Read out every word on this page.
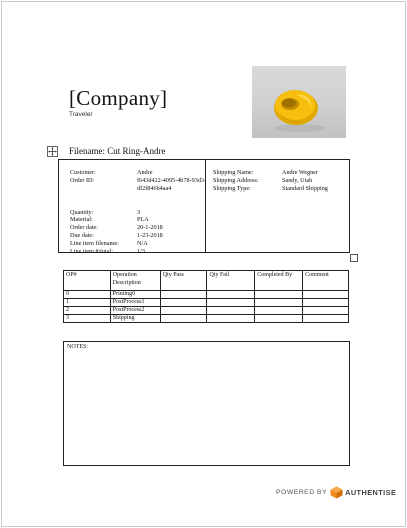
[Company]
Traveler
Filename: Cut Ring-Andre
Customer:	Andre
Order ID:	f643d422-4095-4b78-93d3-df2f846b4aa4
Quantity:	3
Material:	PLA
Order date:	20-1-2018
Due date:	1-23-2018
Line item filename:	N/A
Line item #/total:	1/3
Shipping Name:	Andre Wegner
Shipping Address:	Sandy, Utah
Shipping Type:	Standard Shipping
OP#	Operation Description	Qty Pass	Qty Fail	Completed By	Comment
0	Printing0				
1	PostProcess1				
2	PostProcess2				
3	Shipping				
NOTES:
POWERED BY AUTHENTISE
